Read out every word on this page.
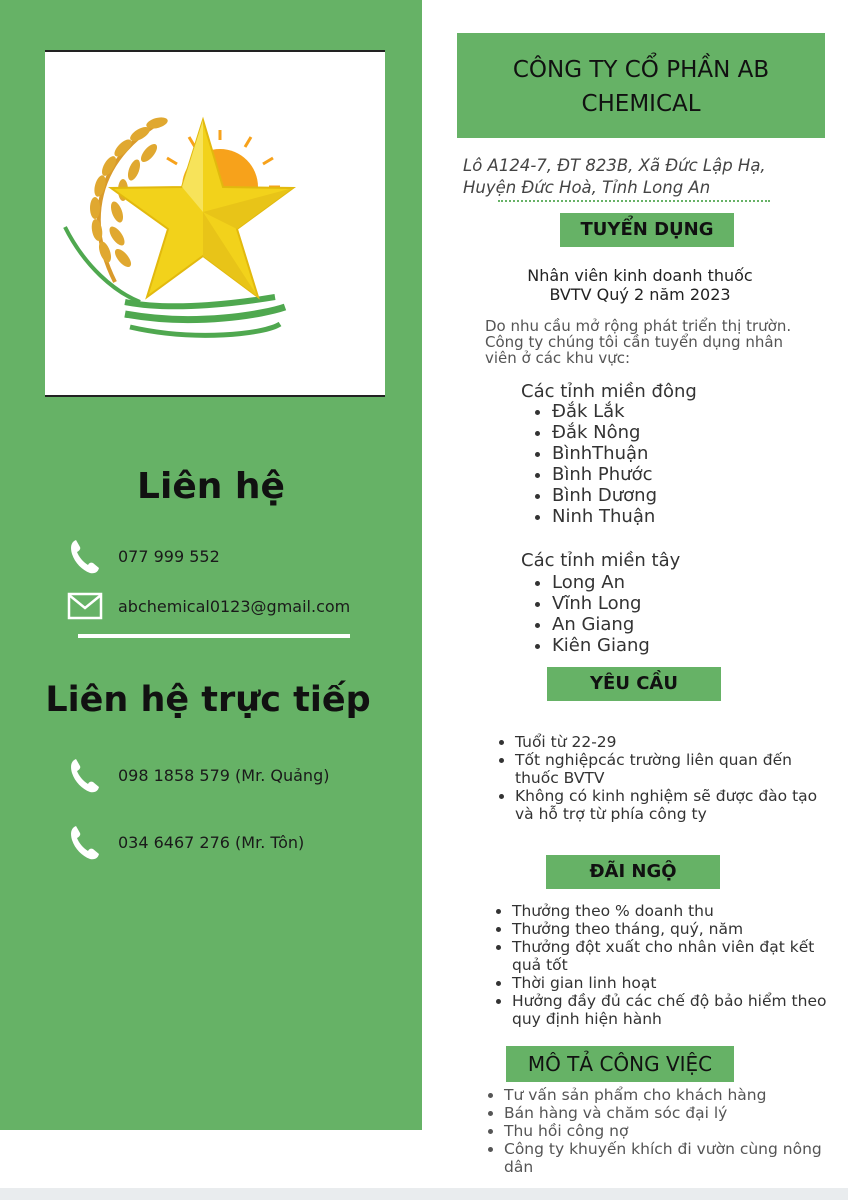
Liên hệ
077 999 552
abchemical0123@gmail.com
Liên hệ trực tiếp
098 1858 579 (Mr. Quảng)
034 6467 276 (Mr. Tôn)
CÔNG TY CỔ PHẦN AB
CHEMICAL
Lô A124-7, ĐT 823B, Xã Đức Lập Hạ,
Huyện Đức Hoà, Tỉnh Long An
TUYỂN DỤNG
Nhân viên kinh doanh thuốc
BVTV Quý 2 năm 2023
Do nhu cầu mở rộng phát triển thị trườn. Công ty chúng tôi cần tuyển dụng nhân viên ở các khu vực:
Các tỉnh miền đông
• Đắk Lắk
• Đắk Nông
• BìnhThuận
• Bình Phước
• Bình Dương
• Ninh Thuận
Các tỉnh miền tây
• Long An
• Vĩnh Long
• An Giang
• Kiên Giang
YÊU CẦU
• Tuổi từ 22-29
• Tốt nghiệpcác trường liên quan đến thuốc BVTV
• Không có kinh nghiệm sẽ được đào tạo và hỗ trợ từ phía công ty
ĐÃI NGỘ
• Thưởng theo % doanh thu
• Thưởng theo tháng, quý, năm
• Thưởng đột xuất cho nhân viên đạt kết quả tốt
• Thời gian linh hoạt
• Hưởng đầy đủ các chế độ bảo hiểm theo quy định hiện hành
MÔ TẢ CÔNG VIỆC
• Tư vấn sản phẩm cho khách hàng
• Bán hàng và chăm sóc đại lý
• Thu hồi công nợ
• Công ty khuyến khích đi vườn cùng nông dân
